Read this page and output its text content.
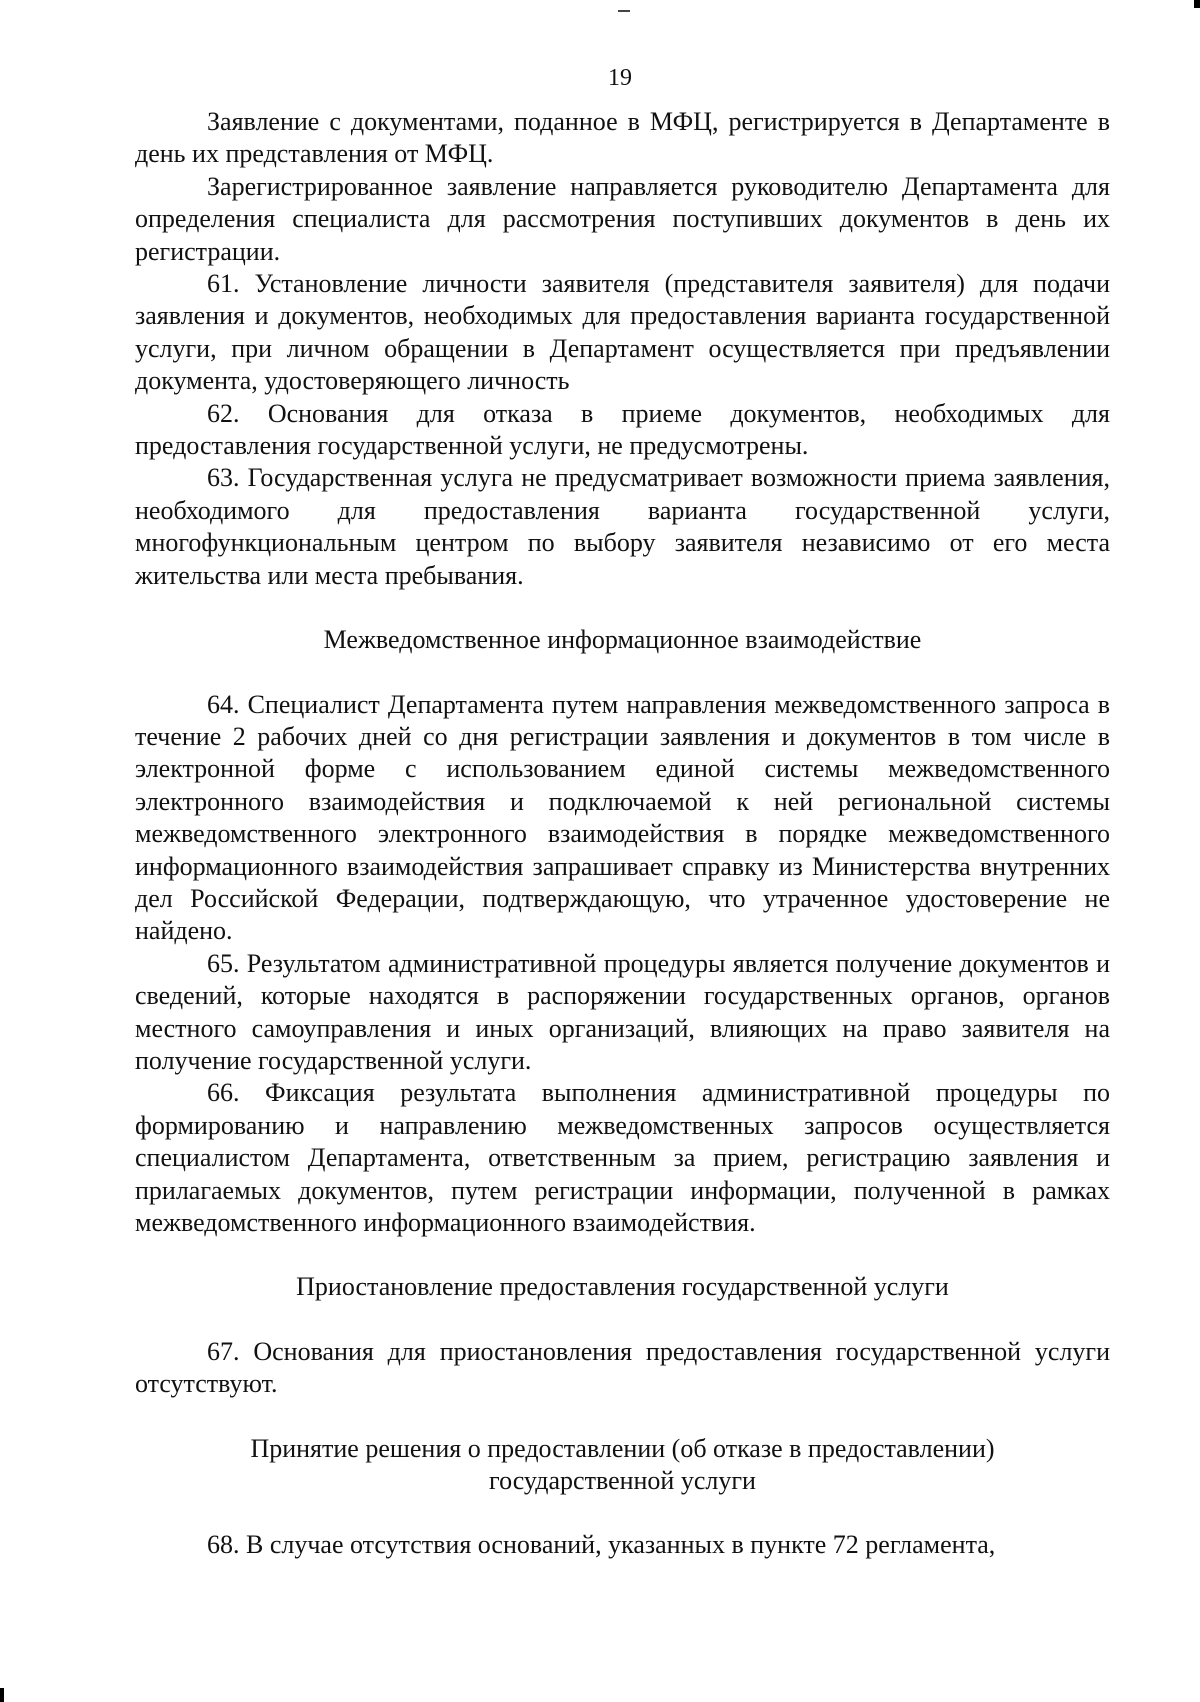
19

Заявление с документами, поданное в МФЦ, регистрируется в Департаменте в день их представления от МФЦ.

Зарегистрированное заявление направляется руководителю Департамента для определения специалиста для рассмотрения поступивших документов в день их регистрации.

61. Установление личности заявителя (представителя заявителя) для подачи заявления и документов, необходимых для предоставления варианта государственной услуги, при личном обращении в Департамент осуществляется при предъявлении документа, удостоверяющего личность

62. Основания для отказа в приеме документов, необходимых для предоставления государственной услуги, не предусмотрены.

63. Государственная услуга не предусматривает возможности приема заявления, необходимого для предоставления варианта государственной услуги, многофункциональным центром по выбору заявителя независимо от его места жительства или места пребывания.

Межведомственное информационное взаимодействие

64. Специалист Департамента путем направления межведомственного запроса в течение 2 рабочих дней со дня регистрации заявления и документов в том числе в электронной форме с использованием единой системы межведомственного электронного взаимодействия и подключаемой к ней региональной системы межведомственного электронного взаимодействия в порядке межведомственного информационного взаимодействия запрашивает справку из Министерства внутренних дел Российской Федерации, подтверждающую, что утраченное удостоверение не найдено.

65. Результатом административной процедуры является получение документов и сведений, которые находятся в распоряжении государственных органов, органов местного самоуправления и иных организаций, влияющих на право заявителя на получение государственной услуги.

66. Фиксация результата выполнения административной процедуры по формированию и направлению межведомственных запросов осуществляется специалистом Департамента, ответственным за прием, регистрацию заявления и прилагаемых документов, путем регистрации информации, полученной в рамках межведомственного информационного взаимодействия.

Приостановление предоставления государственной услуги

67. Основания для приостановления предоставления государственной услуги отсутствуют.

Принятие решения о предоставлении (об отказе в предоставлении)
государственной услуги

68. В случае отсутствия оснований, указанных в пункте 72 регламента,
